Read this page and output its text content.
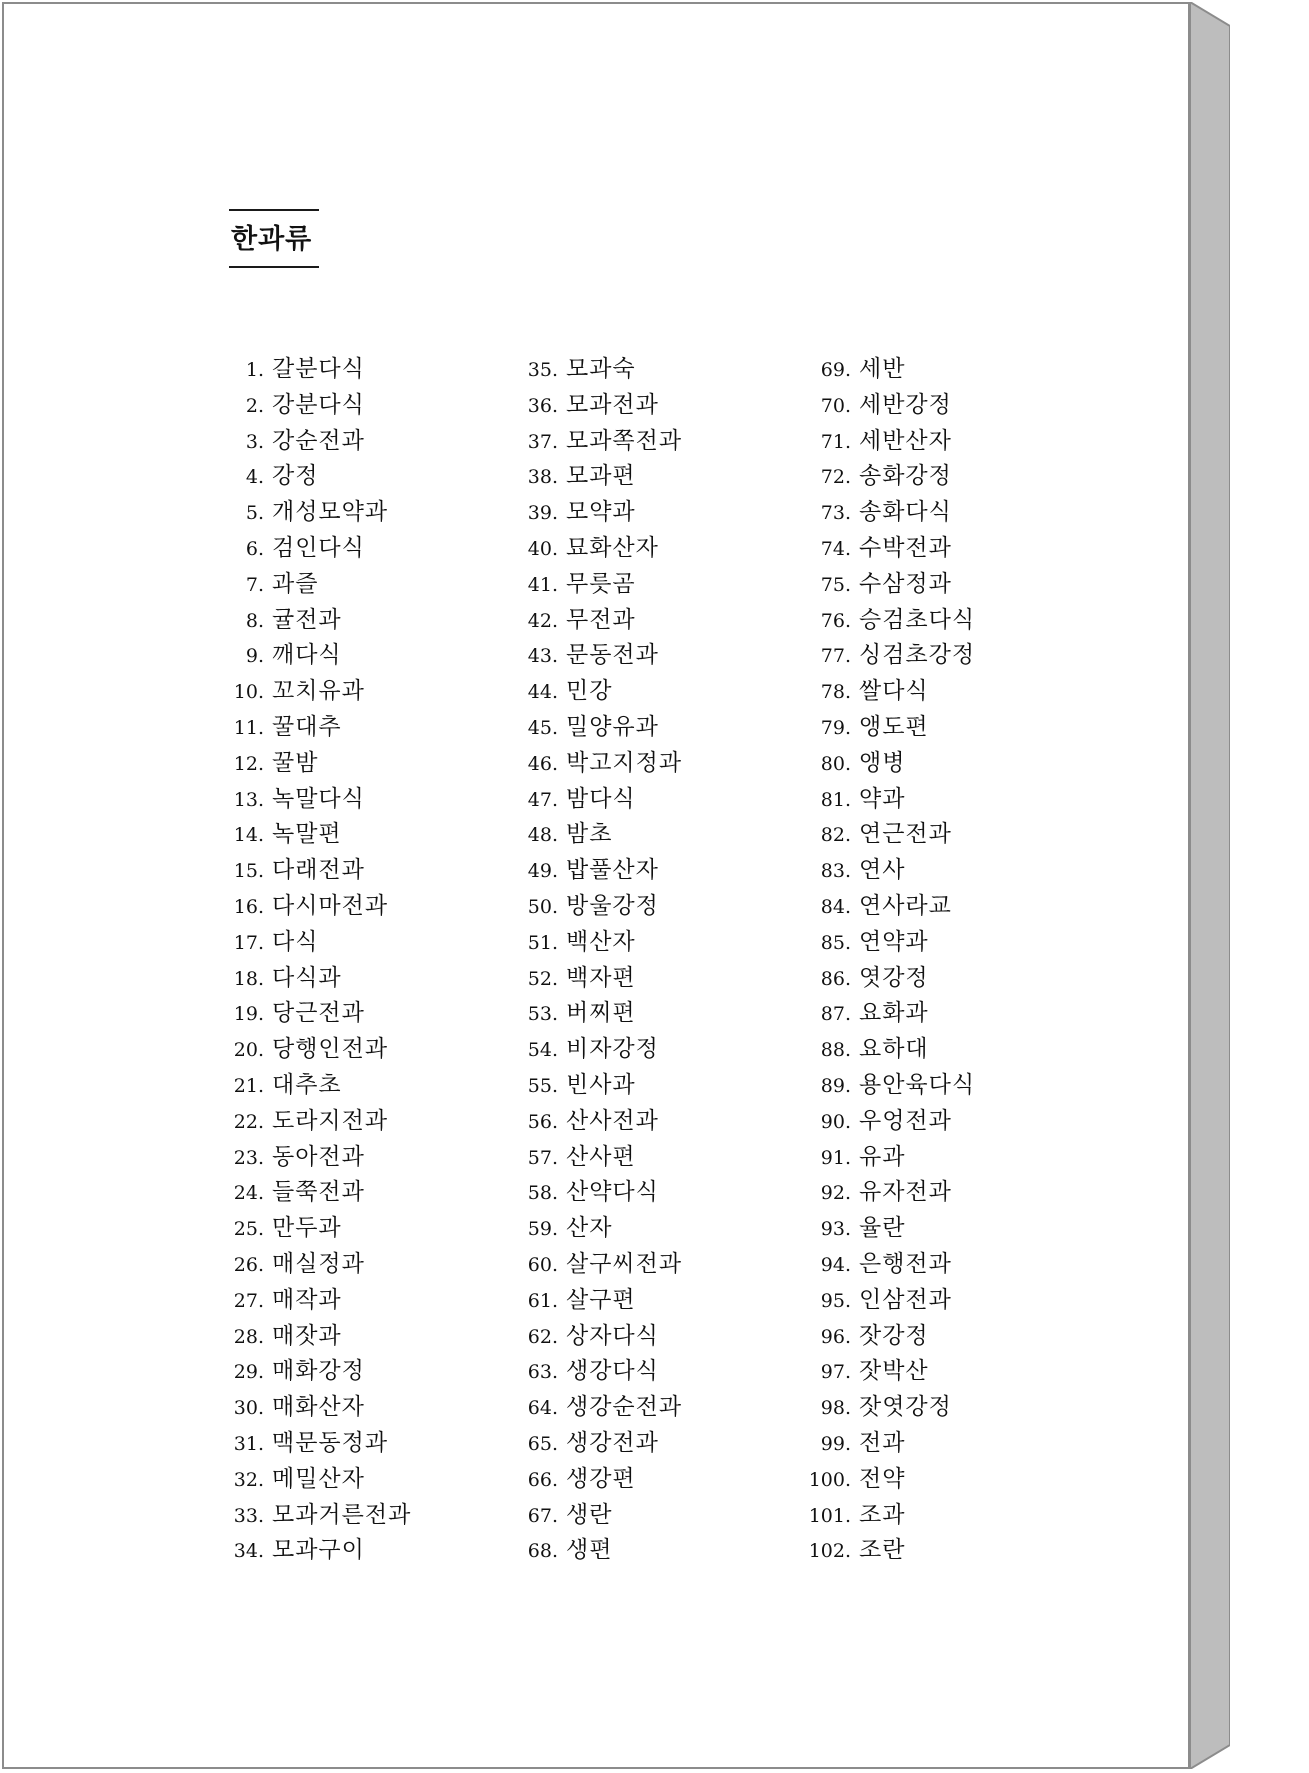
한과류
1. 갈분다식
2. 강분다식
3. 강순전과
4. 강정
5. 개성모약과
6. 검인다식
7. 과즐
8. 귤전과
9. 깨다식
10. 꼬치유과
11. 꿀대추
12. 꿀밤
13. 녹말다식
14. 녹말편
15. 다래전과
16. 다시마전과
17. 다식
18. 다식과
19. 당근전과
20. 당행인전과
21. 대추초
22. 도라지전과
23. 동아전과
24. 들쭉전과
25. 만두과
26. 매실정과
27. 매작과
28. 매잣과
29. 매화강정
30. 매화산자
31. 맥문동정과
32. 메밀산자
33. 모과거른전과
34. 모과구이
35. 모과숙
36. 모과전과
37. 모과쪽전과
38. 모과편
39. 모약과
40. 묘화산자
41. 무릇곰
42. 무전과
43. 문동전과
44. 민강
45. 밀양유과
46. 박고지정과
47. 밤다식
48. 밤초
49. 밥풀산자
50. 방울강정
51. 백산자
52. 백자편
53. 버찌편
54. 비자강정
55. 빈사과
56. 산사전과
57. 산사편
58. 산약다식
59. 산자
60. 살구씨전과
61. 살구편
62. 상자다식
63. 생강다식
64. 생강순전과
65. 생강전과
66. 생강편
67. 생란
68. 생편
69. 세반
70. 세반강정
71. 세반산자
72. 송화강정
73. 송화다식
74. 수박전과
75. 수삼정과
76. 승검초다식
77. 싱검초강정
78. 쌀다식
79. 앵도편
80. 앵병
81. 약과
82. 연근전과
83. 연사
84. 연사라교
85. 연약과
86. 엿강정
87. 요화과
88. 요하대
89. 용안육다식
90. 우엉전과
91. 유과
92. 유자전과
93. 율란
94. 은행전과
95. 인삼전과
96. 잣강정
97. 잣박산
98. 잣엿강정
99. 전과
100. 전약
101. 조과
102. 조란
